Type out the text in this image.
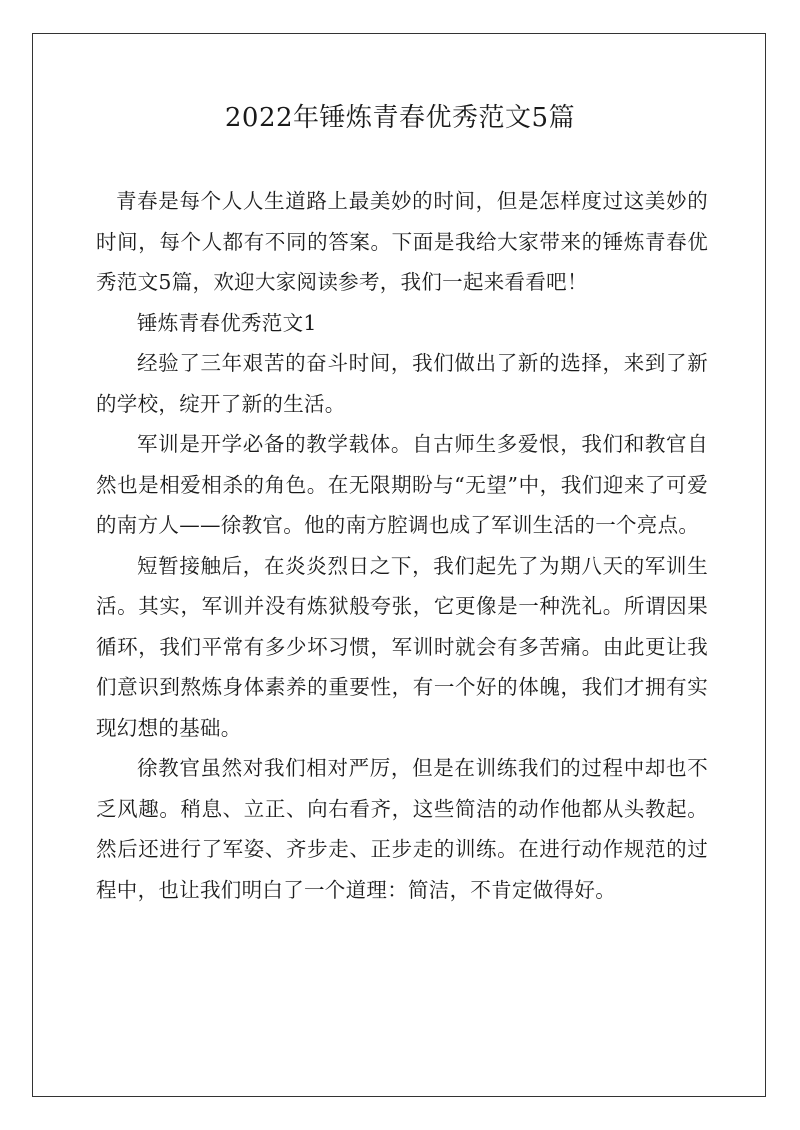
2022年锤炼青春优秀范文5篇

青春是每个人人生道路上最美妙的时间，但是怎样度过这美妙的时间，每个人都有不同的答案。下面是我给大家带来的锤炼青春优秀范文5篇，欢迎大家阅读参考，我们一起来看看吧！

锤炼青春优秀范文1

经验了三年艰苦的奋斗时间，我们做出了新的选择，来到了新的学校，绽开了新的生活。

军训是开学必备的教学载体。自古师生多爱恨，我们和教官自然也是相爱相杀的角色。在无限期盼与“无望”中，我们迎来了可爱的南方人——徐教官。他的南方腔调也成了军训生活的一个亮点。

短暂接触后，在炎炎烈日之下，我们起先了为期八天的军训生活。其实，军训并没有炼狱般夸张，它更像是一种洗礼。所谓因果循环，我们平常有多少坏习惯，军训时就会有多苦痛。由此更让我们意识到熬炼身体素养的重要性，有一个好的体魄，我们才拥有实现幻想的基础。

徐教官虽然对我们相对严厉，但是在训练我们的过程中却也不乏风趣。稍息、立正、向右看齐，这些简洁的动作他都从头教起。然后还进行了军姿、齐步走、正步走的训练。在进行动作规范的过程中，也让我们明白了一个道理：简洁，不肯定做得好。
